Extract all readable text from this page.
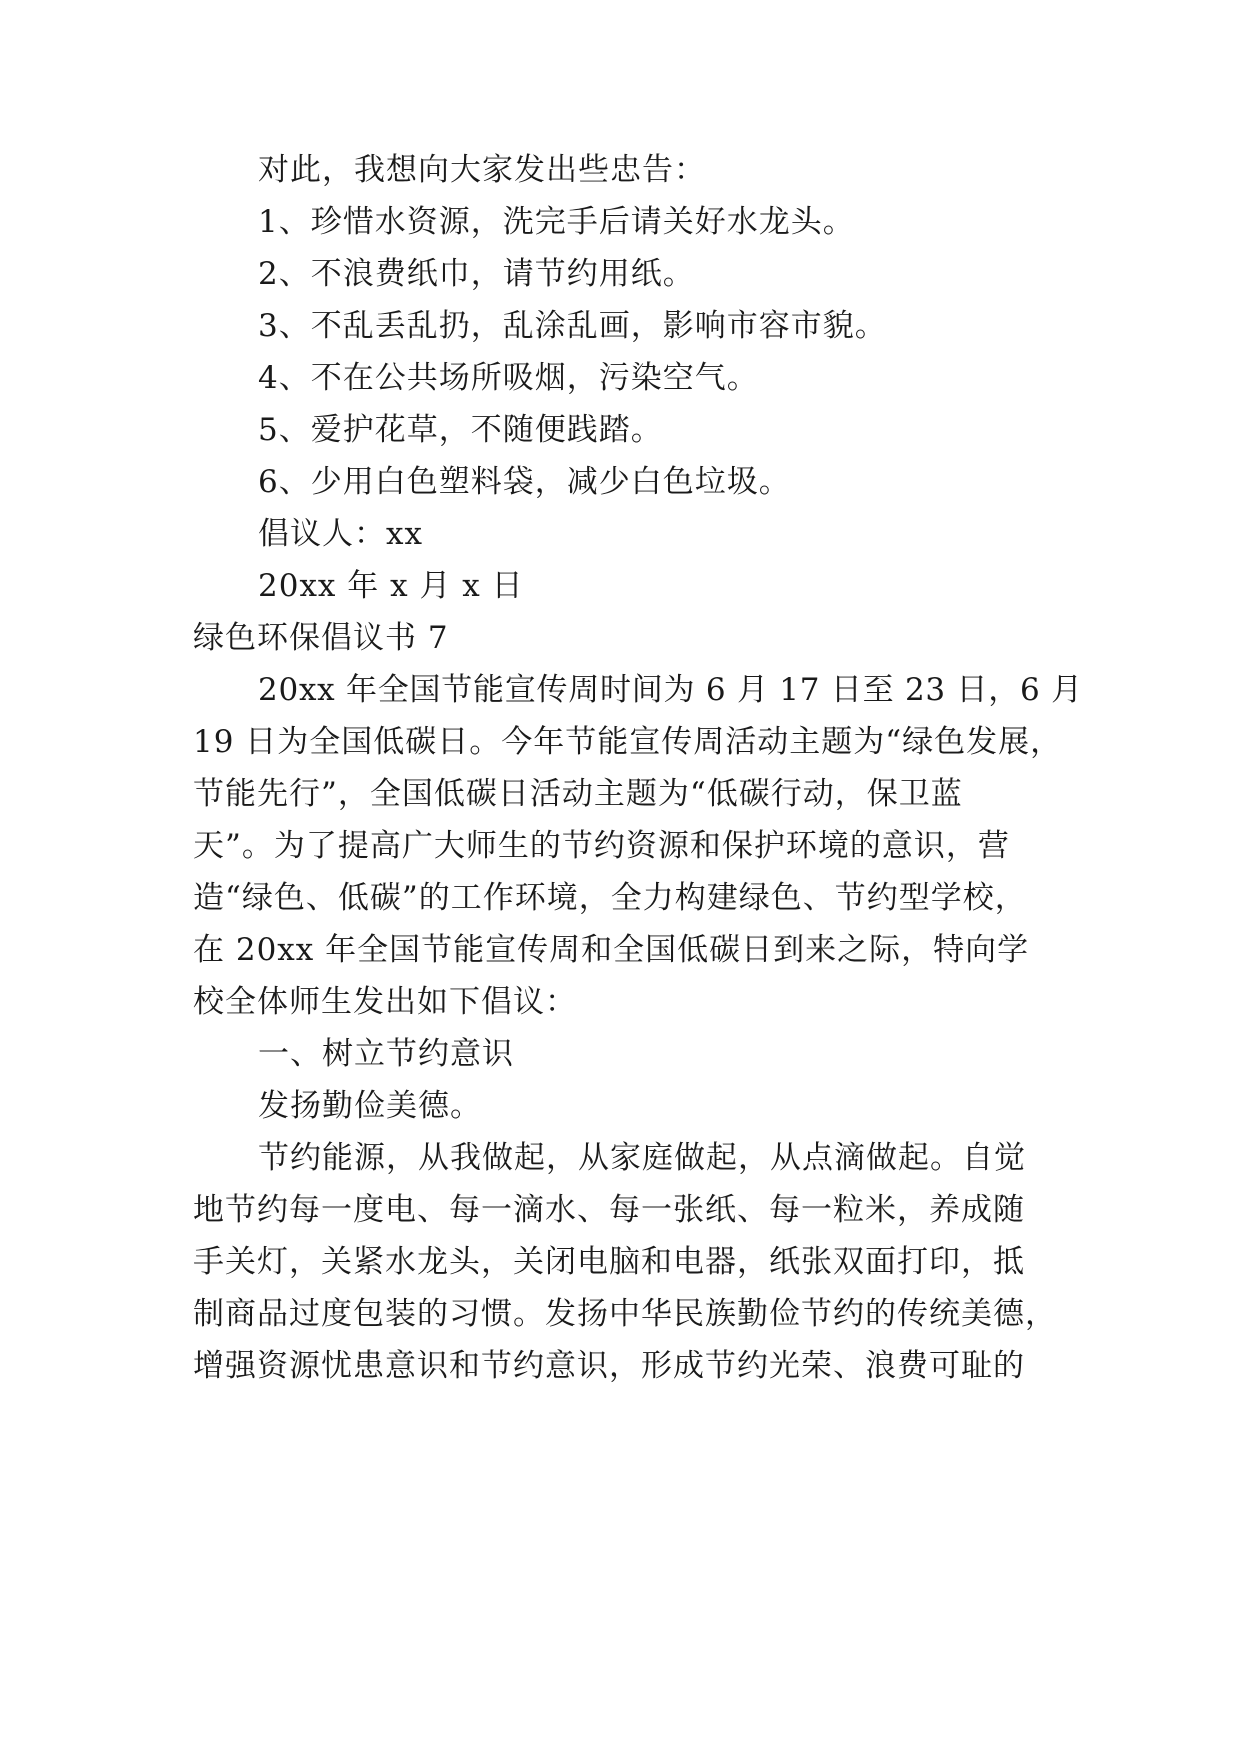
对此，我想向大家发出些忠告：
1、珍惜水资源，洗完手后请关好水龙头。
2、不浪费纸巾，请节约用纸。
3、不乱丢乱扔，乱涂乱画，影响市容市貌。
4、不在公共场所吸烟，污染空气。
5、爱护花草，不随便践踏。
6、少用白色塑料袋，减少白色垃圾。
倡议人：xx
20xx 年 x 月 x 日
绿色环保倡议书 7
20xx 年全国节能宣传周时间为 6 月 17 日至 23 日，6 月
19 日为全国低碳日。今年节能宣传周活动主题为“绿色发展，
节能先行”，全国低碳日活动主题为“低碳行动，保卫蓝
天”。为了提高广大师生的节约资源和保护环境的意识，营
造“绿色、低碳”的工作环境，全力构建绿色、节约型学校，
在 20xx 年全国节能宣传周和全国低碳日到来之际，特向学
校全体师生发出如下倡议：
一、树立节约意识
发扬勤俭美德。
节约能源，从我做起，从家庭做起，从点滴做起。自觉
地节约每一度电、每一滴水、每一张纸、每一粒米，养成随
手关灯，关紧水龙头，关闭电脑和电器，纸张双面打印，抵
制商品过度包装的习惯。发扬中华民族勤俭节约的传统美德，
增强资源忧患意识和节约意识，形成节约光荣、浪费可耻的
